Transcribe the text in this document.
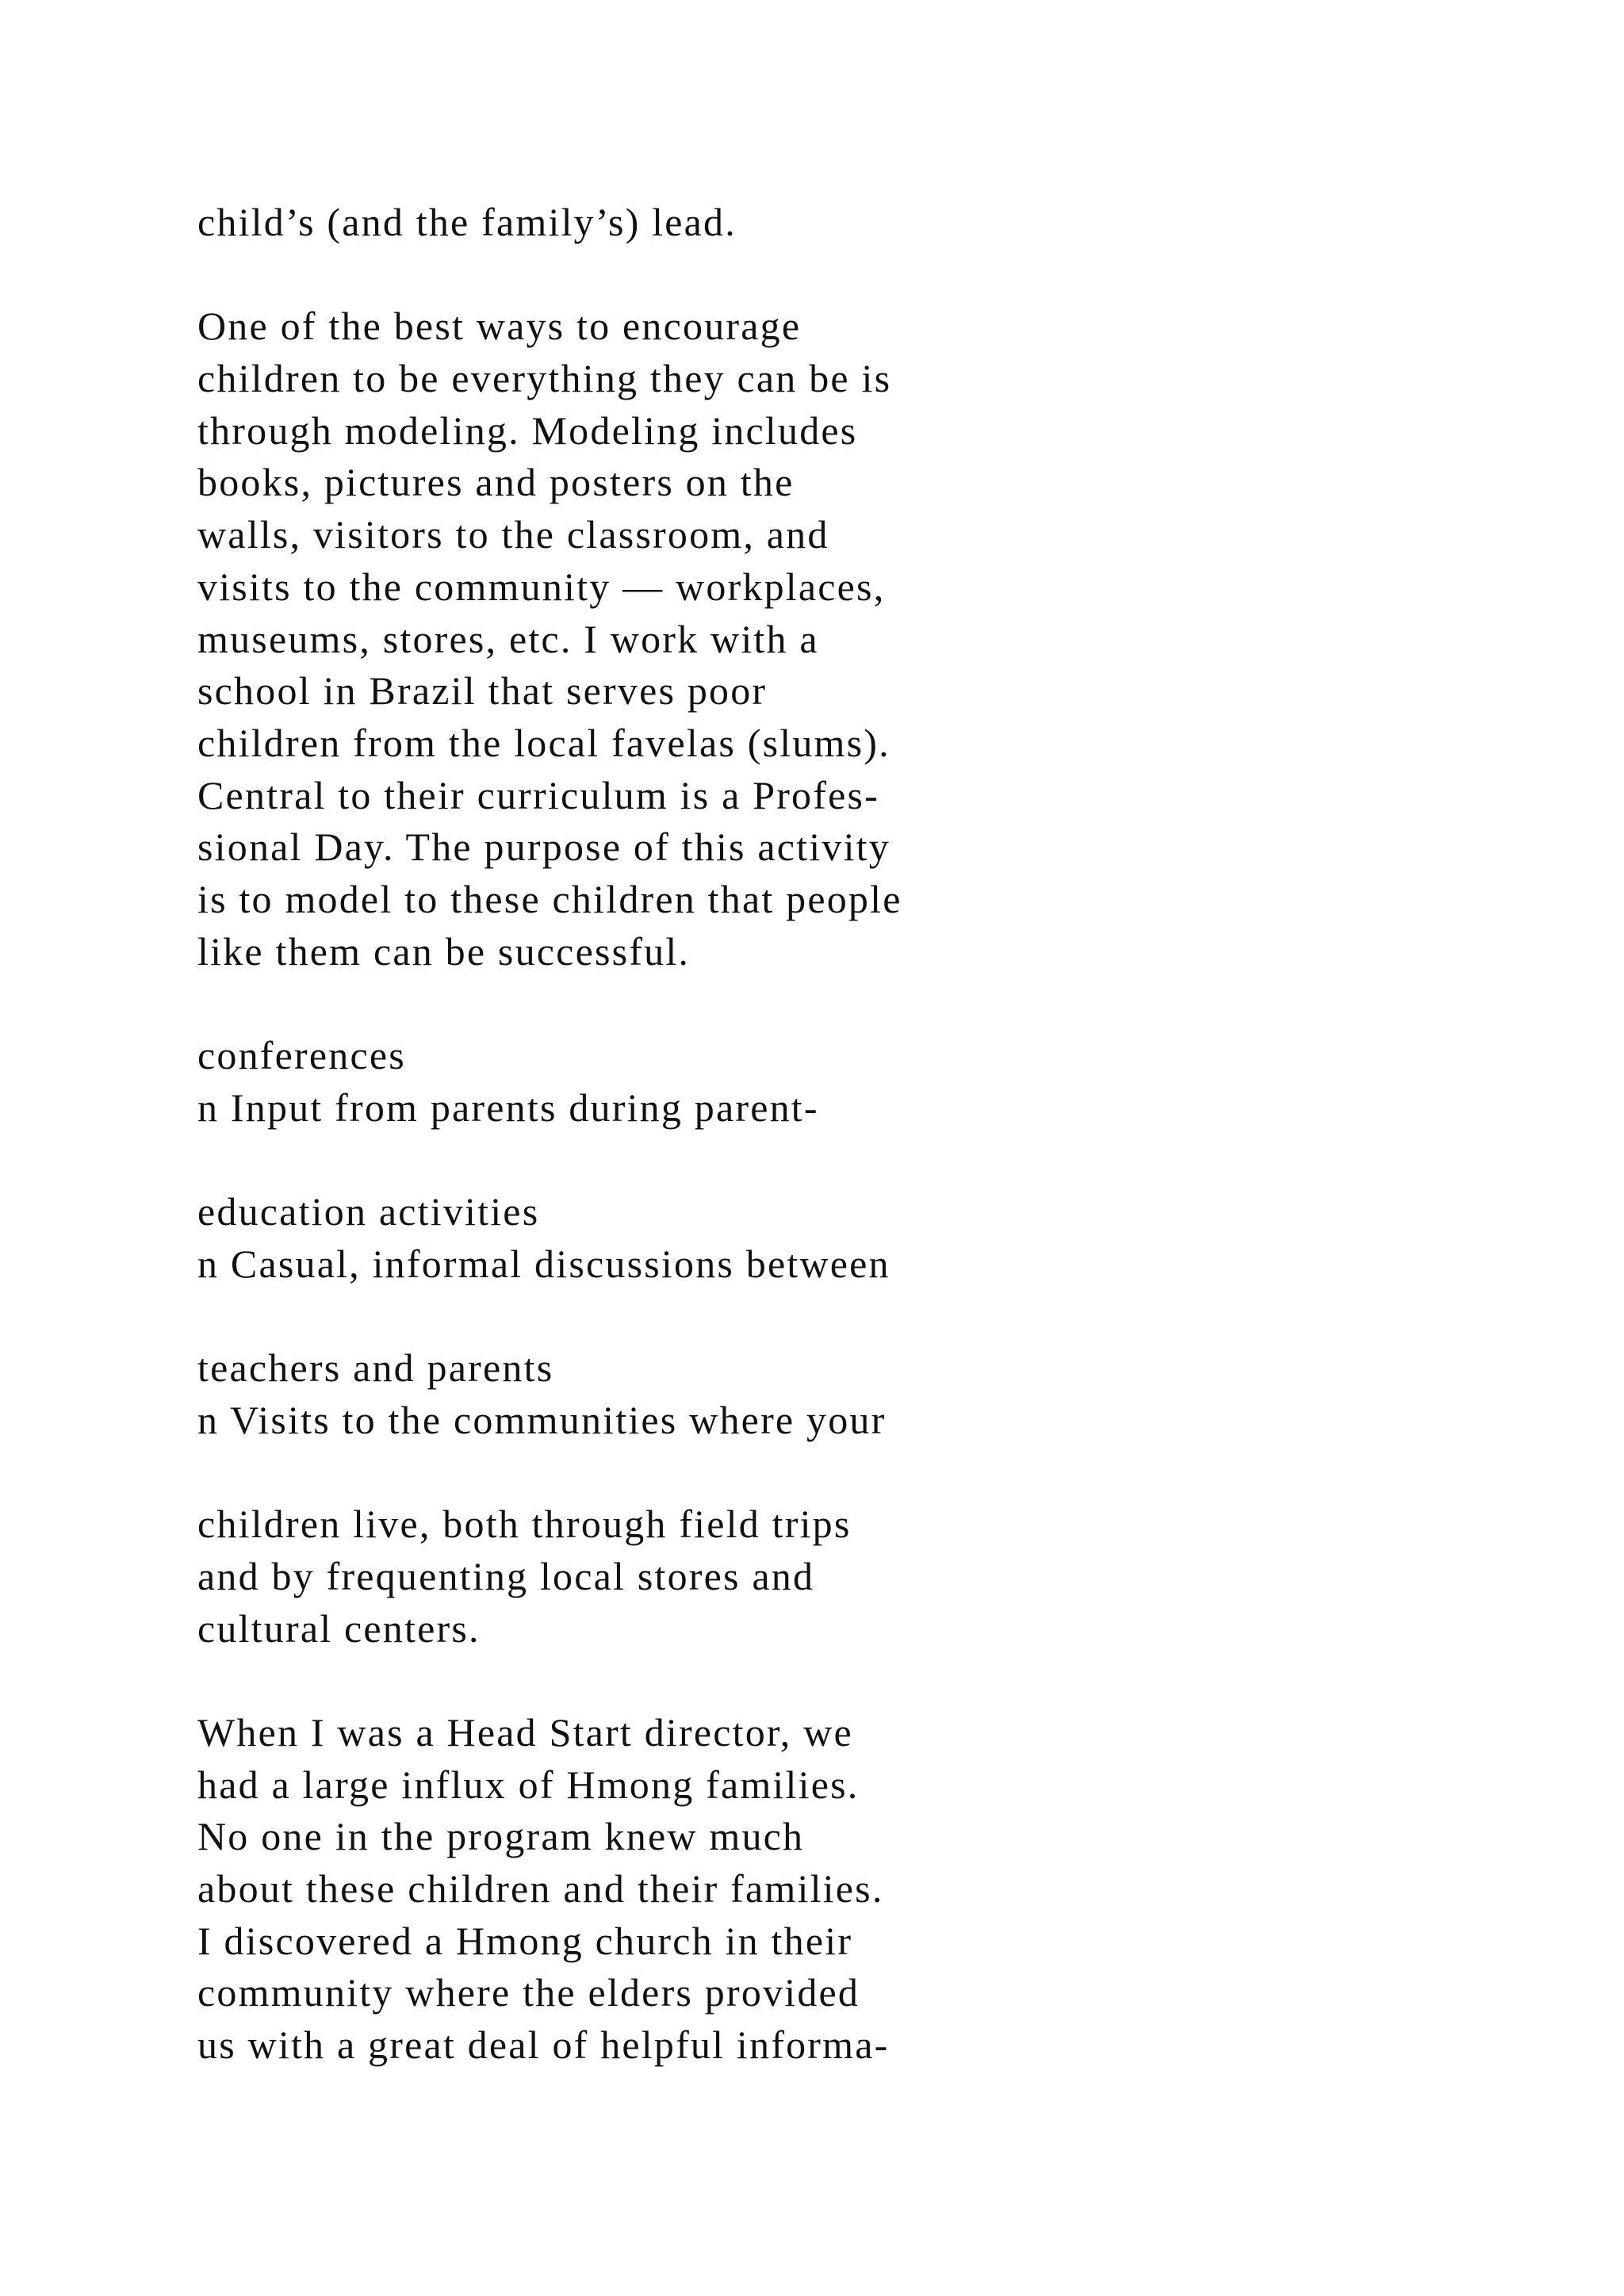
child’s (and the family’s) lead.
One of the best ways to encourage
children to be everything they can be is
through modeling. Modeling includes
books, pictures and posters on the
walls, visitors to the classroom, and
visits to the community — workplaces,
museums, stores, etc. I work with a
school in Brazil that serves poor
children from the local favelas (slums).
Central to their curriculum is a Profes-
sional Day. The purpose of this activity
is to model to these children that people
like them can be successful.
conferences
n Input from parents during parent-
education activities
n Casual, informal discussions between
teachers and parents
n Visits to the communities where your
children live, both through field trips
and by frequenting local stores and
cultural centers.
When I was a Head Start director, we
had a large influx of Hmong families.
No one in the program knew much
about these children and their families.
I discovered a Hmong church in their
community where the elders provided
us with a great deal of helpful informa-
